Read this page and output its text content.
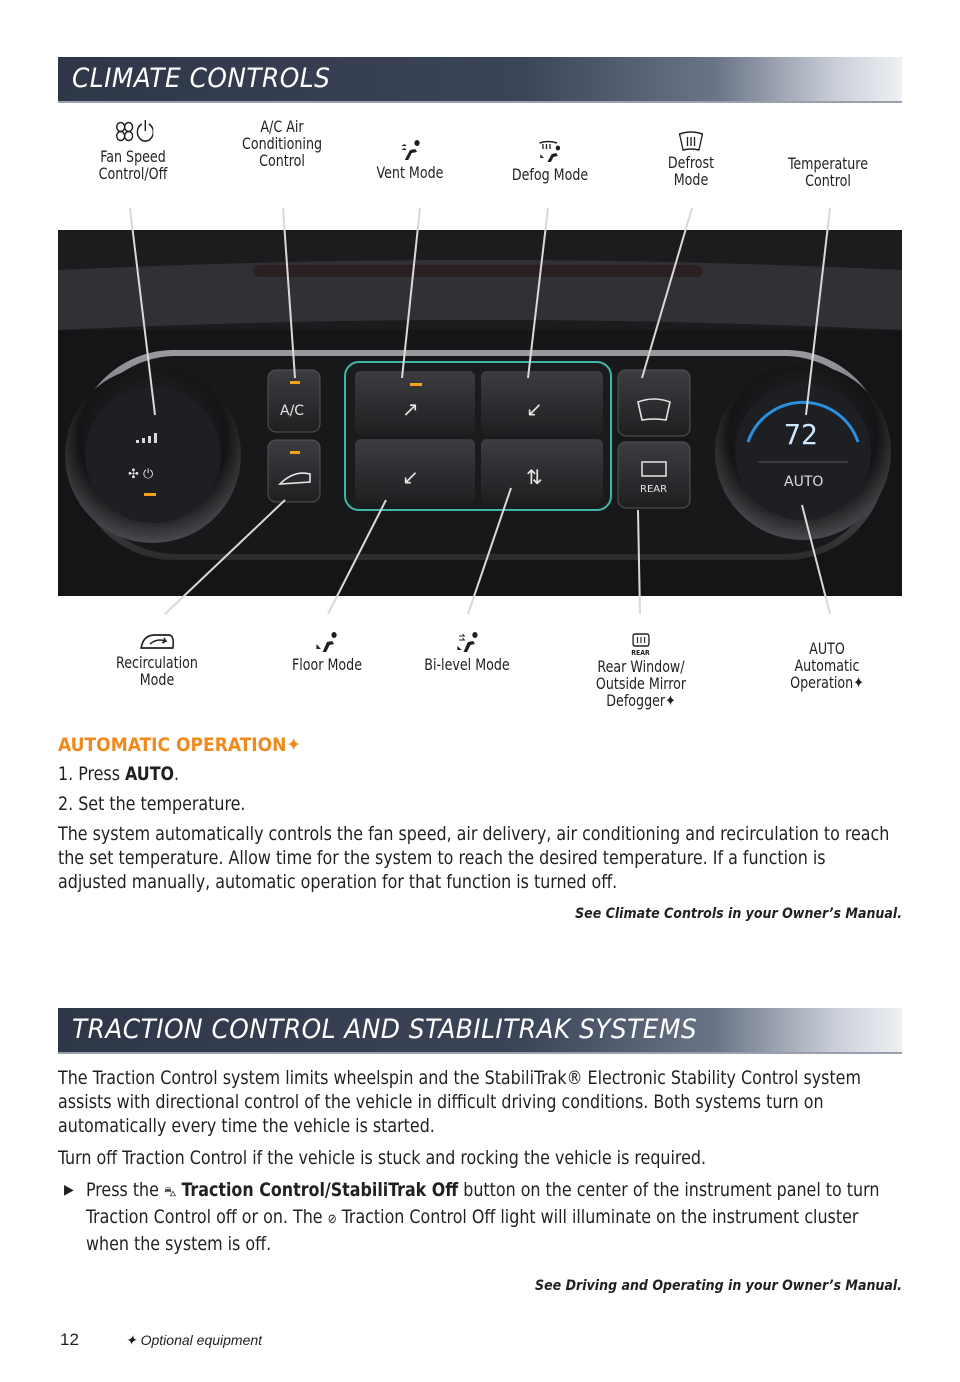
CLIMATE CONTROLS
Fan Speed Control/Off
A/C Air Conditioning Control
Vent Mode	Defog Mode
Defrost Mode
Temperature Control
✣ ⏻
72
AUTO
A/C	↗	↙
↙	⇅
REAR
Recirculation Mode
Floor Mode	Bi-level Mode
REAR
Rear Window/ Outside Mirror Defogger✦
AUTO Automatic Operation✦
AUTOMATIC OPERATION✦

1. Press AUTO.

2. Set the temperature.

The system automatically controls the fan speed, air delivery, air conditioning and recirculation to reach the set temperature. Allow time for the system to reach the desired temperature. If a function is adjusted manually, automatic operation for that function is turned off.

See Climate Controls in your Owner’s Manual.
TRACTION CONTROL AND STABILITRAK SYSTEMS

The Traction Control system limits wheelspin and the StabiliTrak® Electronic Stability Control system assists with directional control of the vehicle in difficult driving conditions. Both systems turn on automatically every time the vehicle is started.

Turn off Traction Control if the vehicle is stuck and rocking the vehicle is required.

▶ Press the ⛍ Traction Control/StabiliTrak Off button on the center of the instrument panel to turn Traction Control off or on. The ⊘ Traction Control Off light will illuminate on the instrument cluster when the system is off.

See Driving and Operating in your Owner’s Manual.
12	✦ Optional equipment
